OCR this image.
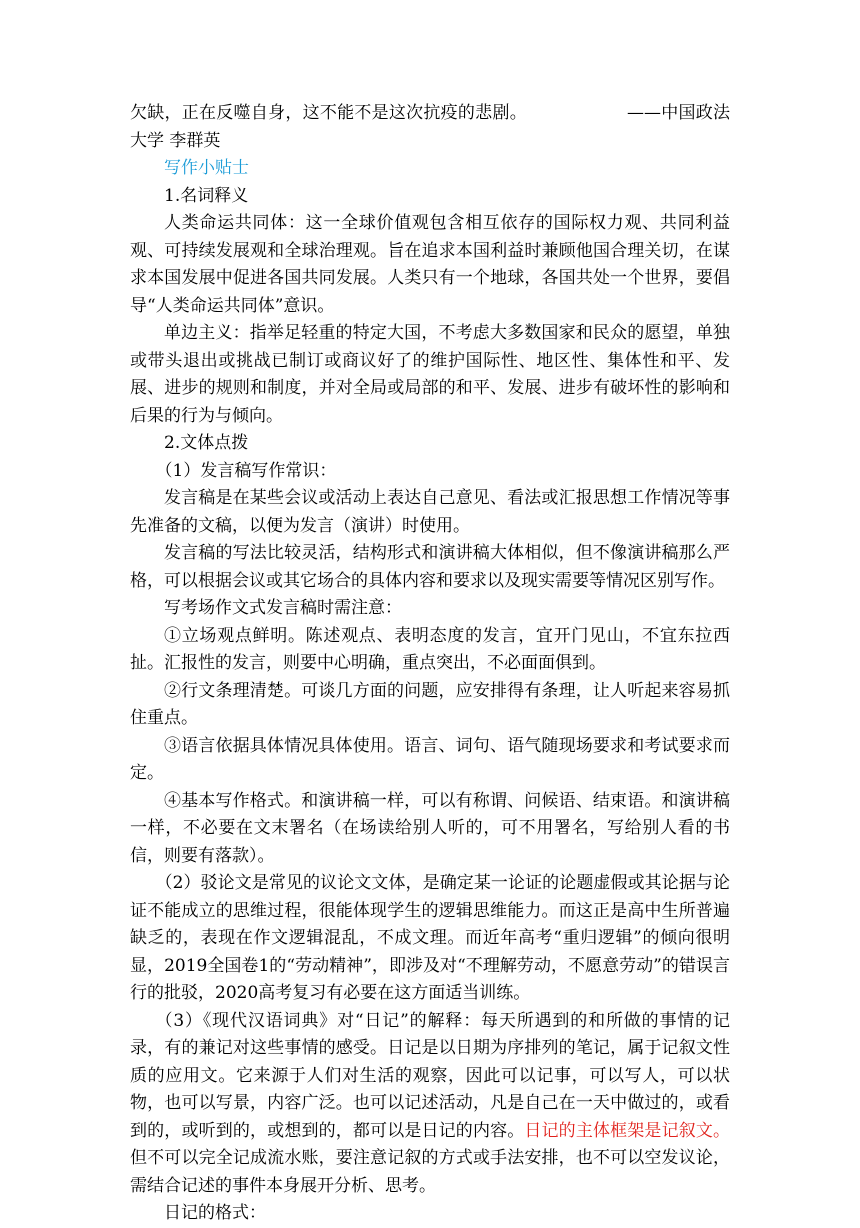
欠缺，正在反噬自身，这不能不是这次抗疫的悲剧。	——中国政法大学 李群英

写作小贴士

1.名词释义

人类命运共同体：这一全球价值观包含相互依存的国际权力观、共同利益观、可持续发展观和全球治理观。旨在追求本国利益时兼顾他国合理关切，在谋求本国发展中促进各国共同发展。人类只有一个地球，各国共处一个世界，要倡导“人类命运共同体”意识。

单边主义：指举足轻重的特定大国，不考虑大多数国家和民众的愿望，单独或带头退出或挑战已制订或商议好了的维护国际性、地区性、集体性和平、发展、进步的规则和制度，并对全局或局部的和平、发展、进步有破坏性的影响和后果的行为与倾向。

2.文体点拨

（1）发言稿写作常识：

发言稿是在某些会议或活动上表达自己意见、看法或汇报思想工作情况等事先准备的文稿，以便为发言（演讲）时使用。

发言稿的写法比较灵活，结构形式和演讲稿大体相似，但不像演讲稿那么严格，可以根据会议或其它场合的具体内容和要求以及现实需要等情况区别写作。

写考场作文式发言稿时需注意：

①立场观点鲜明。陈述观点、表明态度的发言，宜开门见山，不宜东拉西扯。汇报性的发言，则要中心明确，重点突出，不必面面俱到。

②行文条理清楚。可谈几方面的问题，应安排得有条理，让人听起来容易抓住重点。

③语言依据具体情况具体使用。语言、词句、语气随现场要求和考试要求而定。

④基本写作格式。和演讲稿一样，可以有称谓、问候语、结束语。和演讲稿一样，不必要在文末署名（在场读给别人听的，可不用署名，写给别人看的书信，则要有落款）。

（2）驳论文是常见的议论文文体，是确定某一论证的论题虚假或其论据与论证不能成立的思维过程，很能体现学生的逻辑思维能力。而这正是高中生所普遍缺乏的，表现在作文逻辑混乱，不成文理。而近年高考“重归逻辑”的倾向很明显，2019全国卷1的“劳动精神”，即涉及对“不理解劳动，不愿意劳动”的错误言行的批驳，2020高考复习有必要在这方面适当训练。

（3）《现代汉语词典》对“日记”的解释：每天所遇到的和所做的事情的记录，有的兼记对这些事情的感受。日记是以日期为序排列的笔记，属于记叙文性质的应用文。它来源于人们对生活的观察，因此可以记事，可以写人，可以状物，也可以写景，内容广泛。也可以记述活动，凡是自己在一天中做过的，或看到的，或听到的，或想到的，都可以是日记的内容。日记的主体框架是记叙文。但不可以完全记成流水账，要注意记叙的方式或手法安排，也不可以空发议论，需结合记述的事件本身展开分析、思考。

日记的格式：
